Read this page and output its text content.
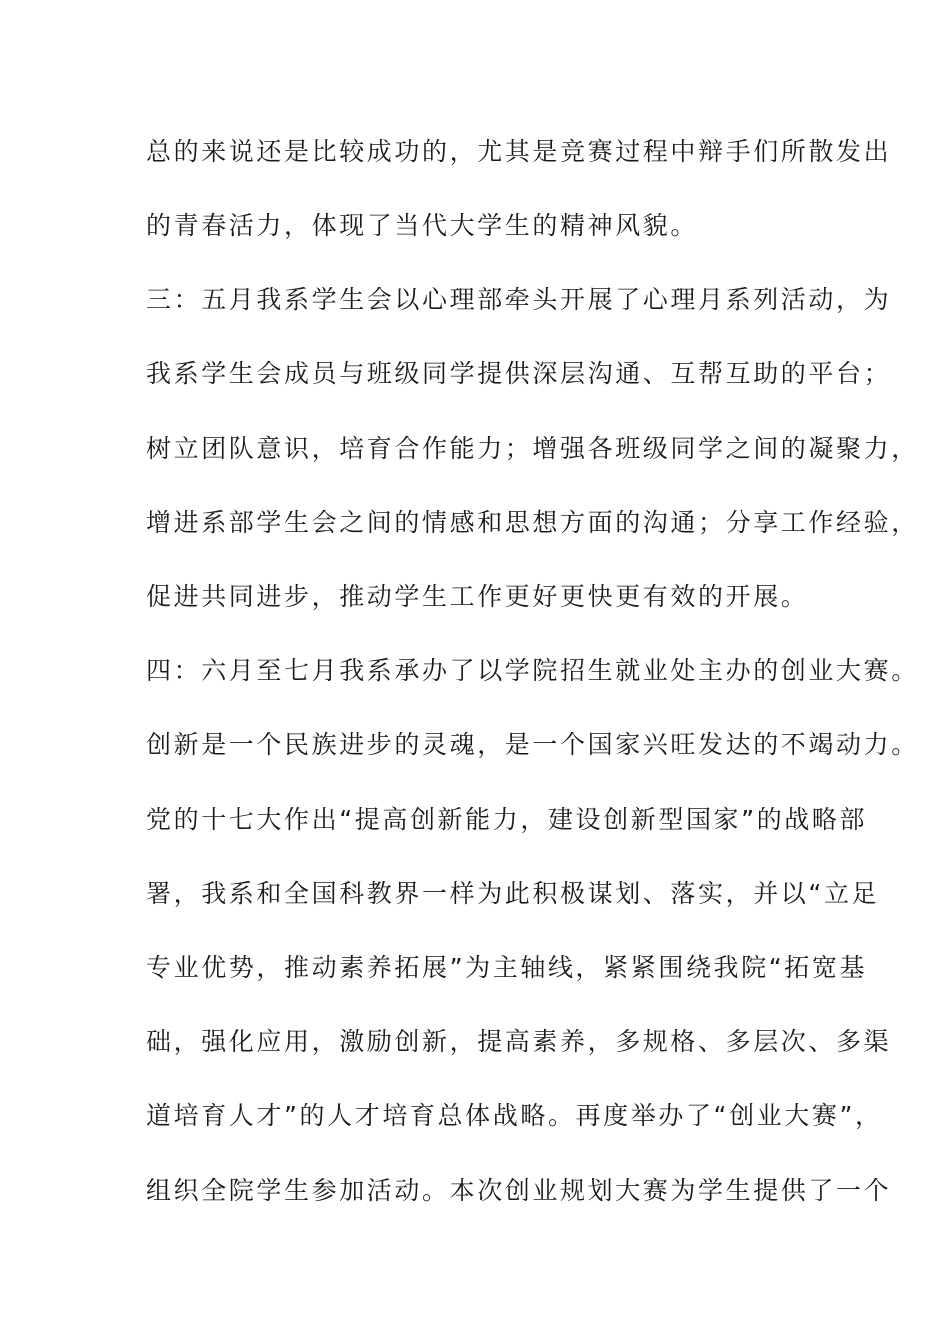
总的来说还是比较成功的，尤其是竞赛过程中辩手们所散发出
的青春活力，体现了当代大学生的精神风貌。
三：五月我系学生会以心理部牵头开展了心理月系列活动，为
我系学生会成员与班级同学提供深层沟通、互帮互助的平台；
树立团队意识，培育合作能力；增强各班级同学之间的凝聚力，
增进系部学生会之间的情感和思想方面的沟通；分享工作经验，
促进共同进步，推动学生工作更好更快更有效的开展。
四：六月至七月我系承办了以学院招生就业处主办的创业大赛。
创新是一个民族进步的灵魂，是一个国家兴旺发达的不竭动力。
党的十七大作出“提高创新能力，建设创新型国家”的战略部
署，我系和全国科教界一样为此积极谋划、落实，并以“立足
专业优势，推动素养拓展”为主轴线，紧紧围绕我院“拓宽基
础，强化应用，激励创新，提高素养，多规格、多层次、多渠
道培育人才”的人才培育总体战略。再度举办了“创业大赛”，
组织全院学生参加活动。本次创业规划大赛为学生提供了一个
